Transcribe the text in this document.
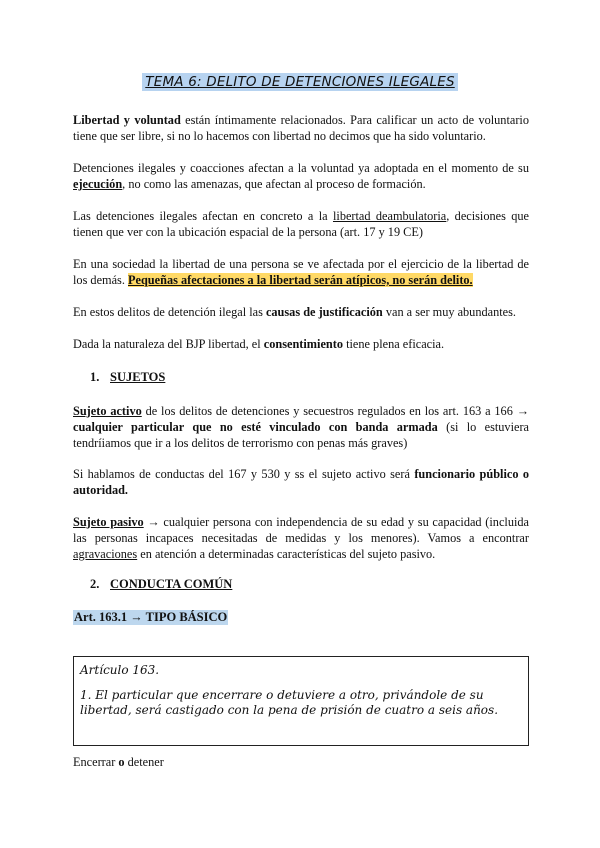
TEMA 6: DELITO DE DETENCIONES ILEGALES
Libertad y voluntad están íntimamente relacionados. Para calificar un acto de voluntario tiene que ser libre, si no lo hacemos con libertad no decimos que ha sido voluntario.
Detenciones ilegales y coacciones afectan a la voluntad ya adoptada en el momento de su ejecución, no como las amenazas, que afectan al proceso de formación.
Las detenciones ilegales afectan en concreto a la libertad deambulatoria, decisiones que tienen que ver con la ubicación espacial de la persona (art. 17 y 19 CE)
En una sociedad la libertad de una persona se ve afectada por el ejercicio de la libertad de los demás. Pequeñas afectaciones a la libertad serán atípicos, no serán delito.
En estos delitos de detención ilegal las causas de justificación van a ser muy abundantes.
Dada la naturaleza del BJP libertad, el consentimiento tiene plena eficacia.
1. SUJETOS
Sujeto activo de los delitos de detenciones y secuestros regulados en los art. 163 a 166 → cualquier particular que no esté vinculado con banda armada (si lo estuviera tendríiamos que ir a los delitos de terrorismo con penas más graves)
Si hablamos de conductas del 167 y 530 y ss el sujeto activo será funcionario público o autoridad.
Sujeto pasivo → cualquier persona con independencia de su edad y su capacidad (incluida las personas incapaces necesitadas de medidas y los menores). Vamos a encontrar agravaciones en atención a determinadas características del sujeto pasivo.
2. CONDUCTA COMÚN
Art. 163.1 → TIPO BÁSICO
Artículo 163.
1. El particular que encerrare o detuviere a otro, privándole de su libertad, será castigado con la pena de prisión de cuatro a seis años.
Encerrar o detener
